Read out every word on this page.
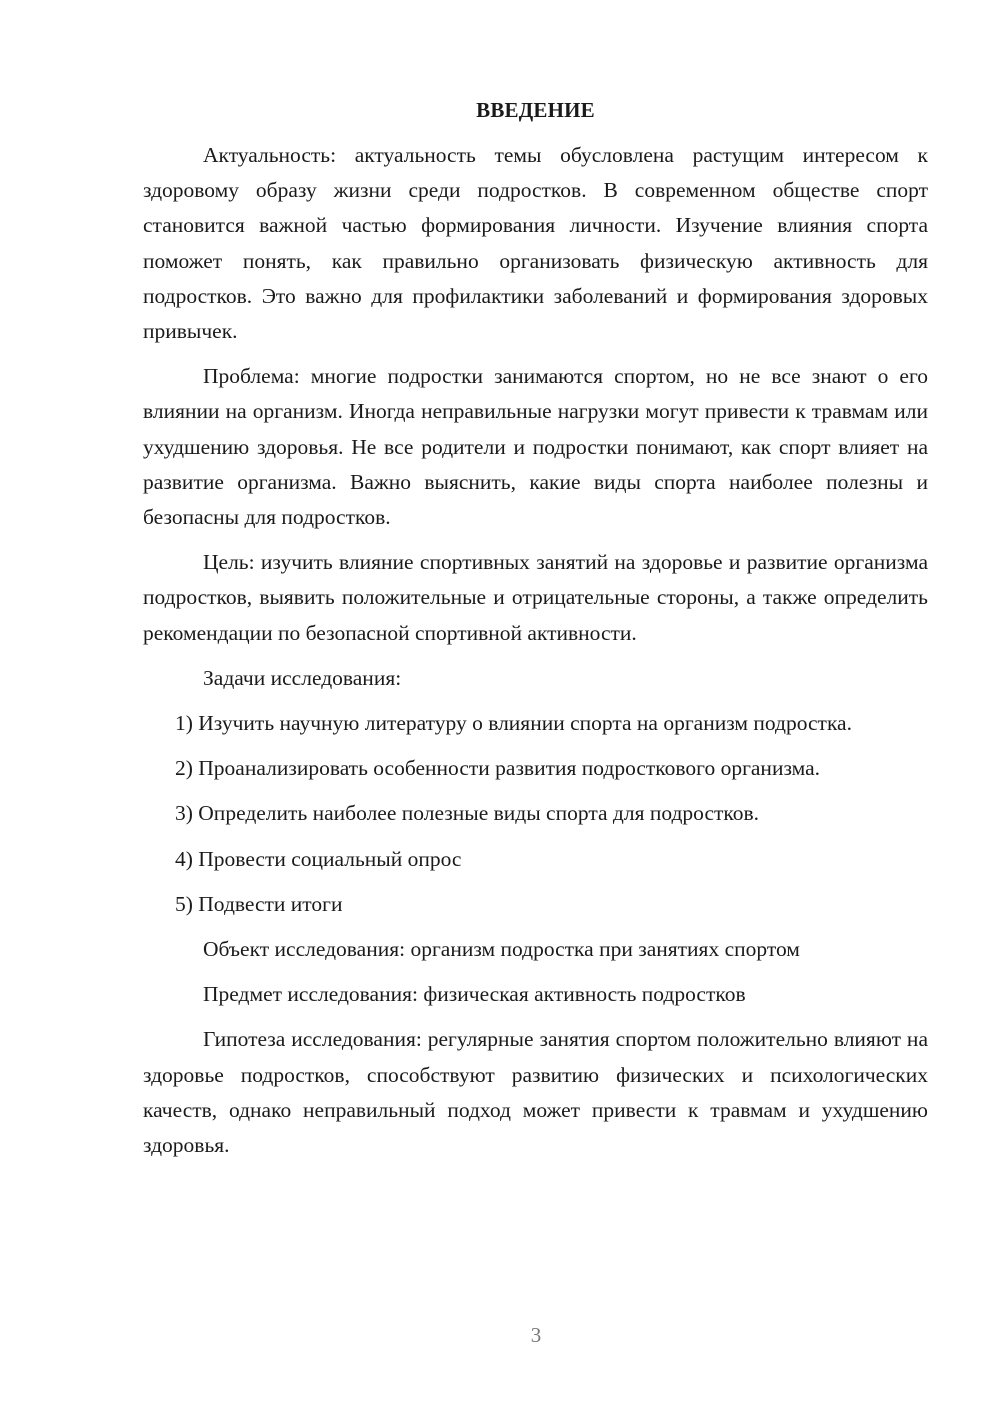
ВВЕДЕНИЕ

Актуальность: актуальность темы обусловлена растущим интересом к здоровому образу жизни среди подростков. В современном обществе спорт становится важной частью формирования личности. Изучение влияния спорта поможет понять, как правильно организовать физическую активность для подростков. Это важно для профилактики заболеваний и формирования здоровых привычек.

Проблема: многие подростки занимаются спортом, но не все знают о его влиянии на организм. Иногда неправильные нагрузки могут привести к травмам или ухудшению здоровья. Не все родители и подростки понимают, как спорт влияет на развитие организма. Важно выяснить, какие виды спорта наиболее полезны и безопасны для подростков.

Цель: изучить влияние спортивных занятий на здоровье и развитие организма подростков, выявить положительные и отрицательные стороны, а также определить рекомендации по безопасной спортивной активности.

Задачи исследования:

1) Изучить научную литературу о влиянии спорта на организм подростка.

2) Проанализировать особенности развития подросткового организма.

3) Определить наиболее полезные виды спорта для подростков.

4) Провести социальный опрос

5) Подвести итоги

Объект исследования: организм подростка при занятиях спортом

Предмет исследования: физическая активность подростков

Гипотеза исследования: регулярные занятия спортом положительно влияют на здоровье подростков, способствуют развитию физических и психологических качеств, однако неправильный подход может привести к травмам и ухудшению здоровья.

3
